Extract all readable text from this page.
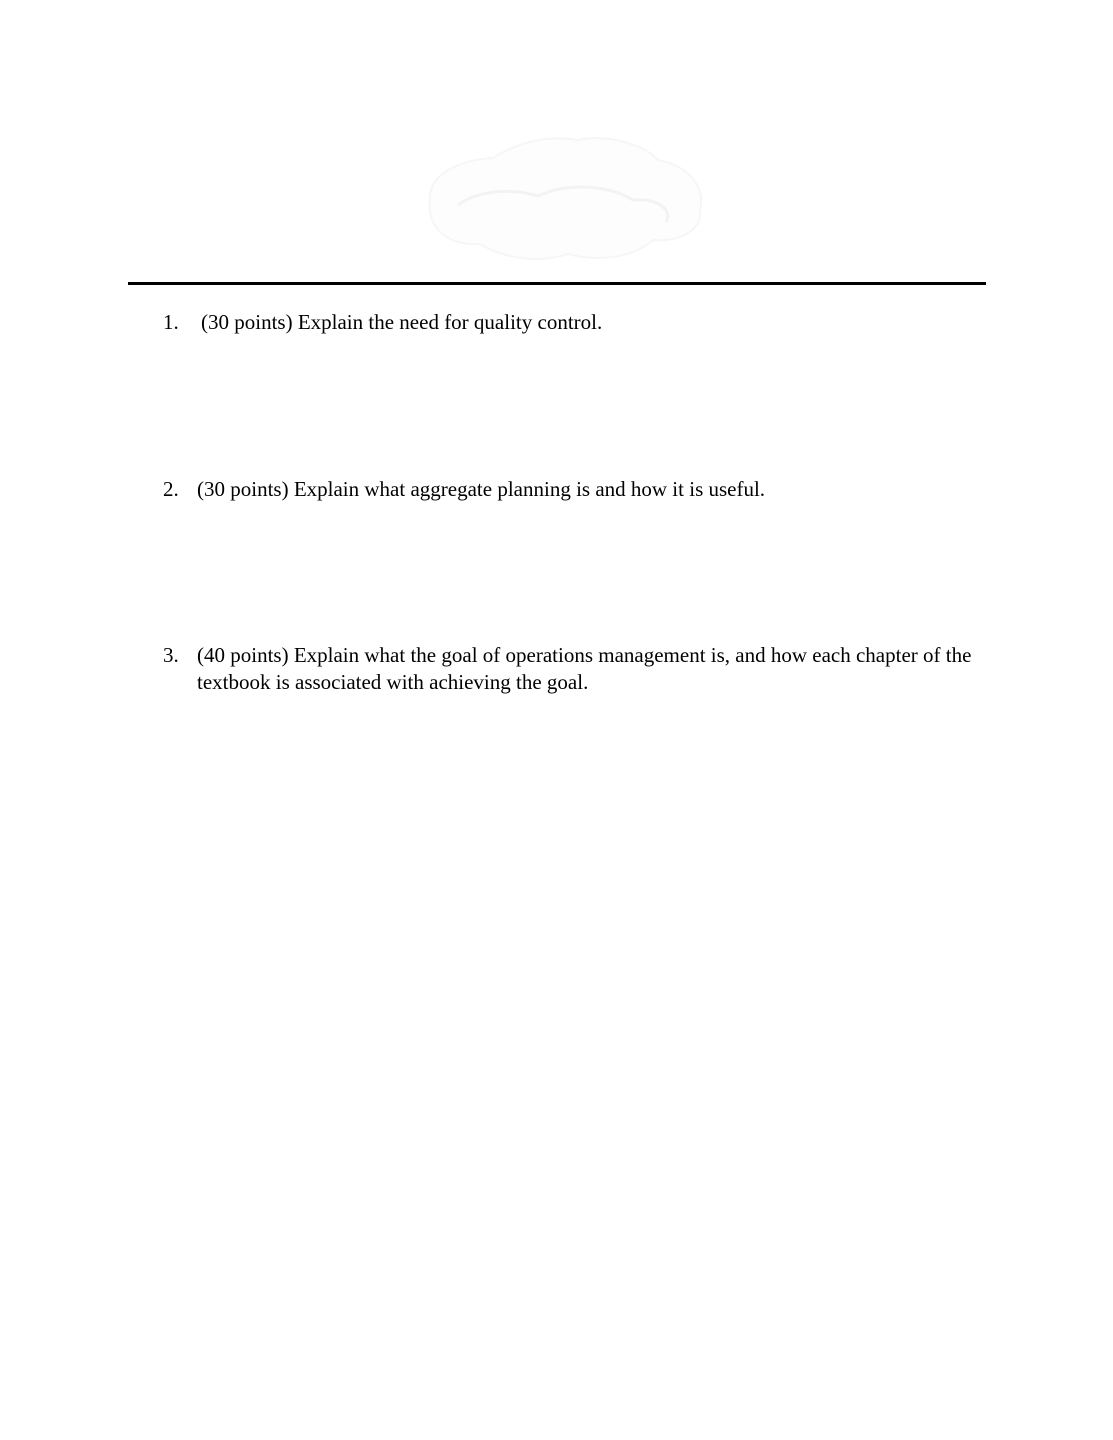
1. (30 points) Explain the need for quality control.
2. (30 points) Explain what aggregate planning is and how it is useful.
3. (40 points) Explain what the goal of operations management is, and how each chapter of the textbook is associated with achieving the goal.
